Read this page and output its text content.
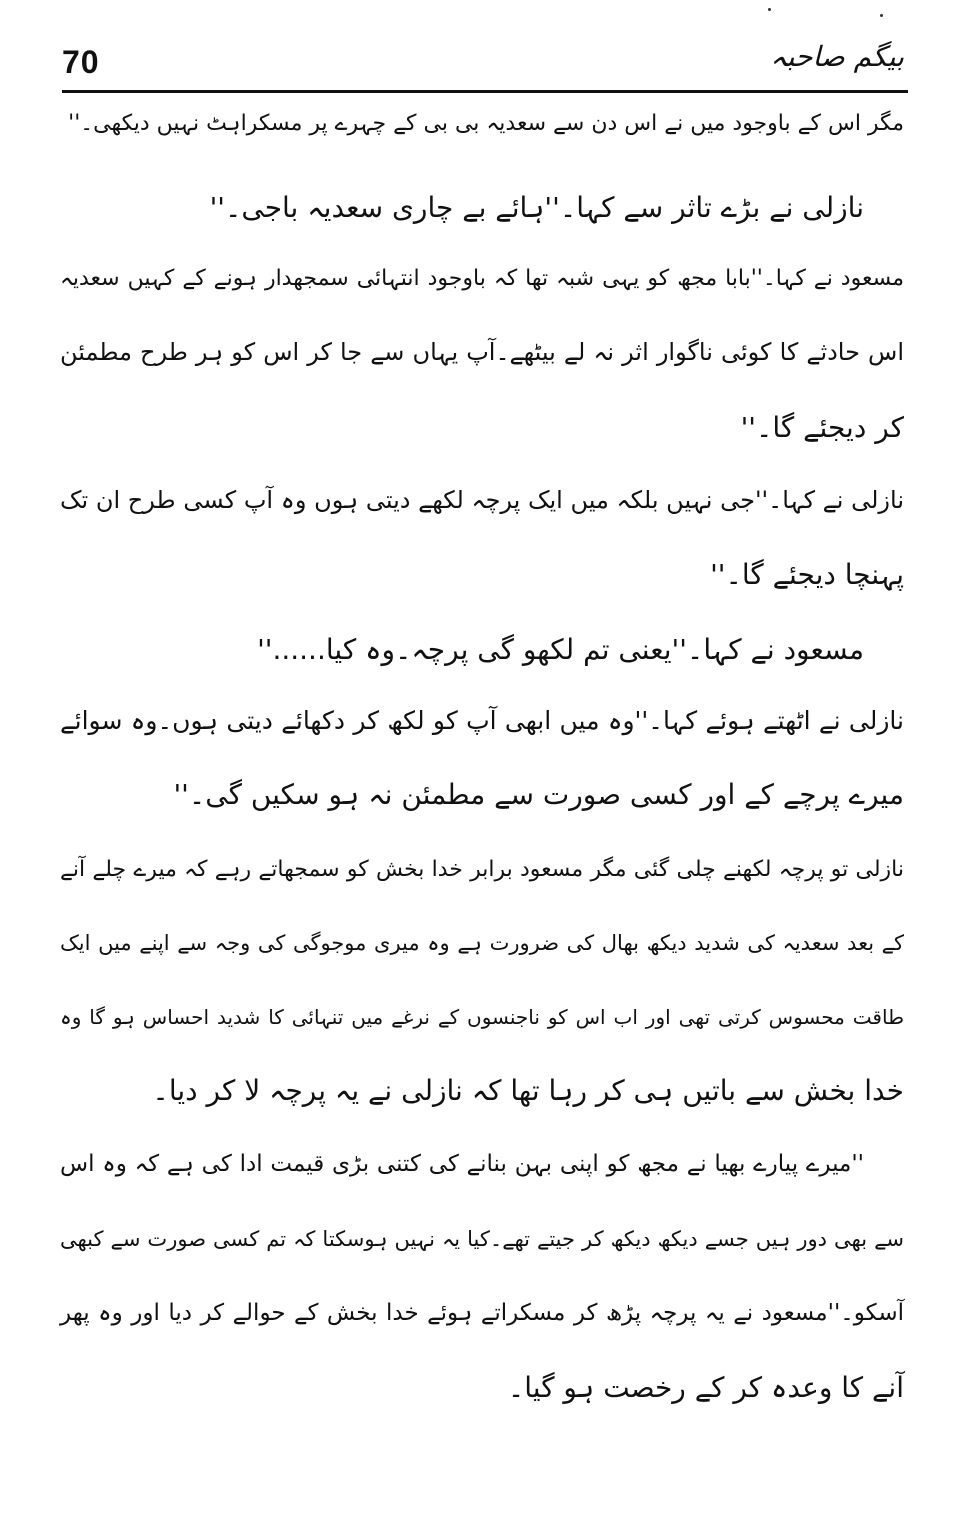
70	بیگم صاحبہ
مگر اس کے باوجود میں نے اس دن سے سعدیہ بی بی کے چہرے پر مسکراہٹ نہیں دیکھی۔''
نازلی نے بڑے تاثر سے کہا۔''ہائے بے چاری سعدیہ باجی۔''
مسعود نے کہا۔''بابا مجھ کو یہی شبہ تھا کہ باوجود انتہائی سمجھدار ہونے کے کہیں سعدیہ
اس حادثے کا کوئی ناگوار اثر نہ لے بیٹھے۔آپ یہاں سے جا کر اس کو ہر طرح مطمئن
کر دیجئے گا۔''
نازلی نے کہا۔''جی نہیں بلکہ میں ایک پرچہ لکھے دیتی ہوں وہ آپ کسی طرح ان تک
پہنچا دیجئے گا۔''
مسعود نے کہا۔''یعنی تم لکھو گی پرچہ۔وہ کیا......''
نازلی نے اٹھتے ہوئے کہا۔''وہ میں ابھی آپ کو لکھ کر دکھائے دیتی ہوں۔وہ سوائے
میرے پرچے کے اور کسی صورت سے مطمئن نہ ہو سکیں گی۔''
نازلی تو پرچہ لکھنے چلی گئی مگر مسعود برابر خدا بخش کو سمجھاتے رہے کہ میرے چلے آنے
کے بعد سعدیہ کی شدید دیکھ بھال کی ضرورت ہے وہ میری موجوگی کی وجہ سے اپنے میں ایک
طاقت محسوس کرتی تھی اور اب اس کو ناجنسوں کے نرغے میں تنہائی کا شدید احساس ہو گا وہ
خدا بخش سے باتیں ہی کر رہا تھا کہ نازلی نے یہ پرچہ لا کر دیا۔
''میرے پیارے بھیا نے مجھ کو اپنی بہن بنانے کی کتنی بڑی قیمت ادا کی ہے کہ وہ اس
سے بھی دور ہیں جسے دیکھ دیکھ کر جیتے تھے۔کیا یہ نہیں ہوسکتا کہ تم کسی صورت سے کبھی
آسکو۔''مسعود نے یہ پرچہ پڑھ کر مسکراتے ہوئے خدا بخش کے حوالے کر دیا اور وہ پھر
آنے کا وعدہ کر کے رخصت ہو گیا۔
